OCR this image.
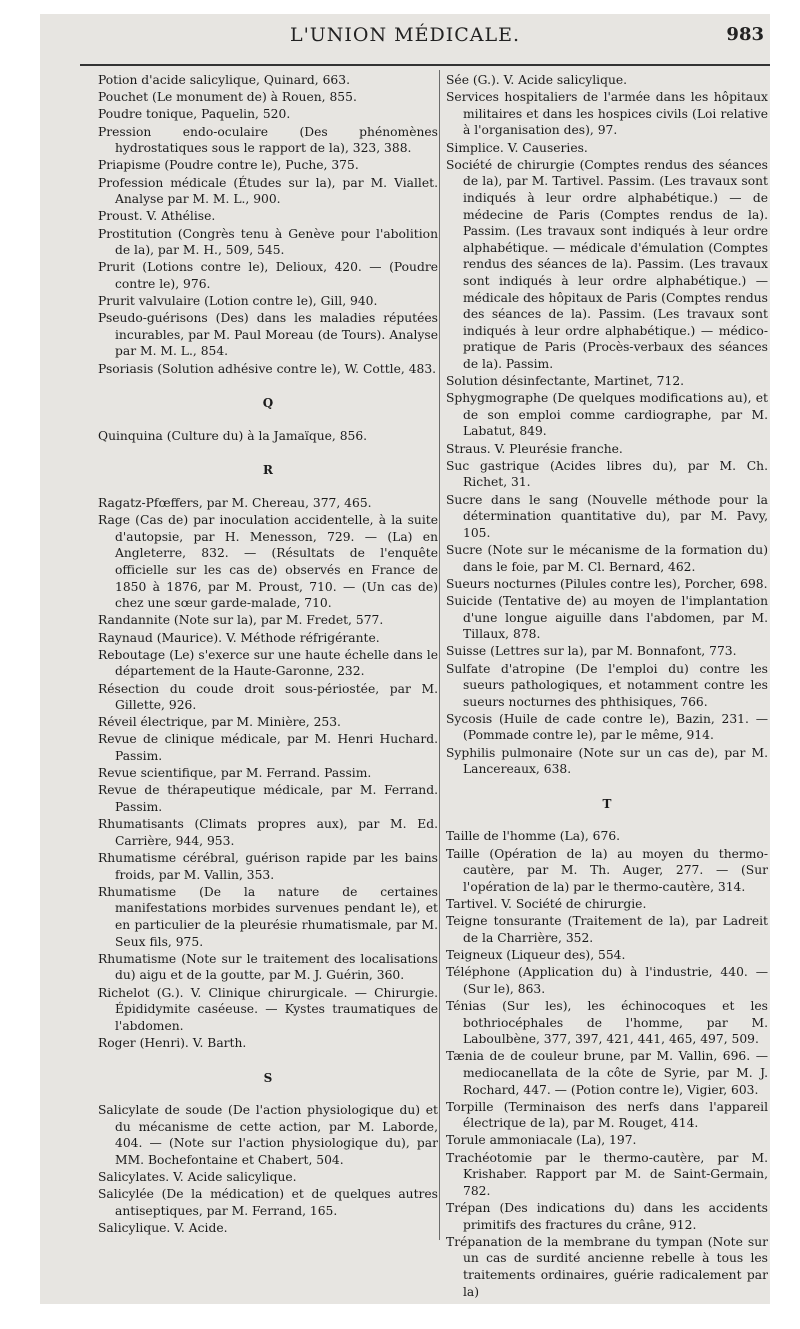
L'UNION MÉDICALE.	983

Potion d'acide salicylique, Quinard, 663.

Pouchet (Le monument de) à Rouen, 855.

Poudre tonique, Paquelin, 520.

Pression endo-oculaire (Des phénomènes hydrostatiques sous le rapport de la), 323, 388.

Priapisme (Poudre contre le), Puche, 375.

Profession médicale (Études sur la), par M. Viallet. Analyse par M. M. L., 900.

Proust. V. Athélise.

Prostitution (Congrès tenu à Genève pour l'abolition de la), par M. H., 509, 545.

Prurit (Lotions contre le), Delioux, 420. — (Poudre contre le), 976.

Prurit valvulaire (Lotion contre le), Gill, 940.

Pseudo-guérisons (Des) dans les maladies réputées incurables, par M. Paul Moreau (de Tours). Analyse par M. M. L., 854.

Psoriasis (Solution adhésive contre le), W. Cottle, 483.

Q

Quinquina (Culture du) à la Jamaïque, 856.

R

Ragatz-Pfœffers, par M. Chereau, 377, 465.

Rage (Cas de) par inoculation accidentelle, à la suite d'autopsie, par H. Menesson, 729. — (La) en Angleterre, 832. — (Résultats de l'enquête officielle sur les cas de) observés en France de 1850 à 1876, par M. Proust, 710. — (Un cas de) chez une sœur garde-malade, 710.

Randannite (Note sur la), par M. Fredet, 577.

Raynaud (Maurice). V. Méthode réfrigérante.

Reboutage (Le) s'exerce sur une haute échelle dans le département de la Haute-Garonne, 232.

Résection du coude droit sous-périostée, par M. Gillette, 926.

Réveil électrique, par M. Minière, 253.

Revue de clinique médicale, par M. Henri Huchard. Passim.

Revue scientifique, par M. Ferrand. Passim.

Revue de thérapeutique médicale, par M. Ferrand. Passim.

Rhumatisants (Climats propres aux), par M. Ed. Carrière, 944, 953.

Rhumatisme cérébral, guérison rapide par les bains froids, par M. Vallin, 353.

Rhumatisme (De la nature de certaines manifestations morbides survenues pendant le), et en particulier de la pleurésie rhumatismale, par M. Seux fils, 975.

Rhumatisme (Note sur le traitement des localisations du) aigu et de la goutte, par M. J. Guérin, 360.

Richelot (G.). V. Clinique chirurgicale. — Chirurgie. Épididymite caséeuse. — Kystes traumatiques de l'abdomen.

Roger (Henri). V. Barth.

S

Salicylate de soude (De l'action physiologique du) et du mécanisme de cette action, par M. Laborde, 404. — (Note sur l'action physiologique du), par MM. Bochefontaine et Chabert, 504.

Salicylates. V. Acide salicylique.

Salicylée (De la médication) et de quelques autres antiseptiques, par M. Ferrand, 165.

Salicylique. V. Acide.

Sée (G.). V. Acide salicylique.

Services hospitaliers de l'armée dans les hôpitaux militaires et dans les hospices civils (Loi relative à l'organisation des), 97.

Simplice. V. Causeries.

Société de chirurgie (Comptes rendus des séances de la), par M. Tartivel. Passim. (Les travaux sont indiqués à leur ordre alphabétique.) — de médecine de Paris (Comptes rendus de la). Passim. (Les travaux sont indiqués à leur ordre alphabétique. — médicale d'émulation (Comptes rendus des séances de la). Passim. (Les travaux sont indiqués à leur ordre alphabétique.) — médicale des hôpitaux de Paris (Comptes rendus des séances de la). Passim. (Les travaux sont indiqués à leur ordre alphabétique.) — médico-pratique de Paris (Procès-verbaux des séances de la). Passim.

Solution désinfectante, Martinet, 712.

Sphygmographe (De quelques modifications au), et de son emploi comme cardiographe, par M. Labatut, 849.

Straus. V. Pleurésie franche.

Suc gastrique (Acides libres du), par M. Ch. Richet, 31.

Sucre dans le sang (Nouvelle méthode pour la détermination quantitative du), par M. Pavy, 105.

Sucre (Note sur le mécanisme de la formation du) dans le foie, par M. Cl. Bernard, 462.

Sueurs nocturnes (Pilules contre les), Porcher, 698.

Suicide (Tentative de) au moyen de l'implantation d'une longue aiguille dans l'abdomen, par M. Tillaux, 878.

Suisse (Lettres sur la), par M. Bonnafont, 773.

Sulfate d'atropine (De l'emploi du) contre les sueurs pathologiques, et notamment contre les sueurs nocturnes des phthisiques, 766.

Sycosis (Huile de cade contre le), Bazin, 231. — (Pommade contre le), par le même, 914.

Syphilis pulmonaire (Note sur un cas de), par M. Lancereaux, 638.

T

Taille de l'homme (La), 676.

Taille (Opération de la) au moyen du thermo-cautère, par M. Th. Auger, 277. — (Sur l'opération de la) par le thermo-cautère, 314.

Tartivel. V. Société de chirurgie.

Teigne tonsurante (Traitement de la), par Ladreit de la Charrière, 352.

Teigneux (Liqueur des), 554.

Téléphone (Application du) à l'industrie, 440. — (Sur le), 863.

Ténias (Sur les), les échinocoques et les bothriocéphales de l'homme, par M. Laboulbène, 377, 397, 421, 441, 465, 497, 509.

Tænia de de couleur brune, par M. Vallin, 696. — mediocanellata de la côte de Syrie, par M. J. Rochard, 447. — (Potion contre le), Vigier, 603.

Torpille (Terminaison des nerfs dans l'appareil électrique de la), par M. Rouget, 414.

Torule ammoniacale (La), 197.

Trachéotomie par le thermo-cautère, par M. Krishaber. Rapport par M. de Saint-Germain, 782.

Trépan (Des indications du) dans les accidents primitifs des fractures du crâne, 912.

Trépanation de la membrane du tympan (Note sur un cas de surdité ancienne rebelle à tous les traitements ordinaires, guérie radicalement par la)
